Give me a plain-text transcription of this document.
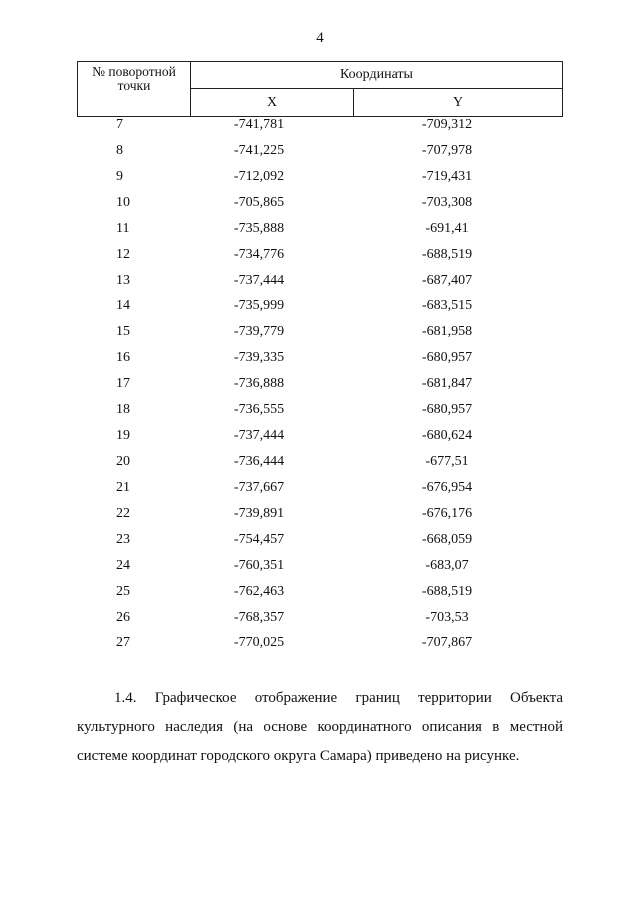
4
№ поворотной точки
Координаты
X	Y
7	-741,781	-709,312
8	-741,225	-707,978
9	-712,092	-719,431
10	-705,865	-703,308
11	-735,888	-691,41
12	-734,776	-688,519
13	-737,444	-687,407
14	-735,999	-683,515
15	-739,779	-681,958
16	-739,335	-680,957
17	-736,888	-681,847
18	-736,555	-680,957
19	-737,444	-680,624
20	-736,444	-677,51
21	-737,667	-676,954
22	-739,891	-676,176
23	-754,457	-668,059
24	-760,351	-683,07
25	-762,463	-688,519
26	-768,357	-703,53
27	-770,025	-707,867

1.4. Графическое отображение границ территории Объекта культурного наследия (на основе координатного описания в местной системе координат городского округа Самара) приведено на рисунке.
